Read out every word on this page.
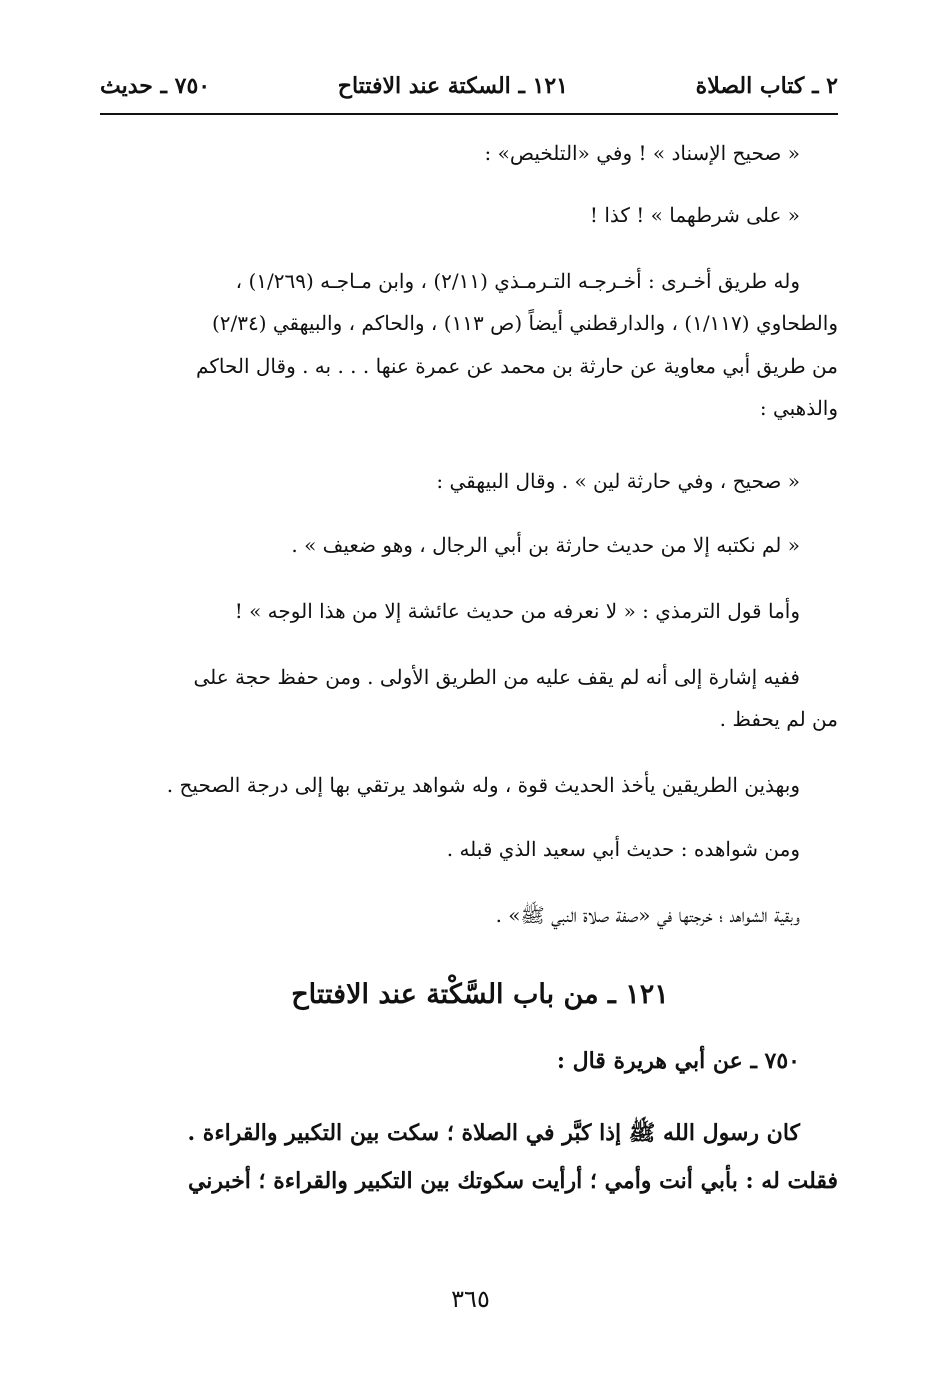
٢ ـ كتاب الصلاة
١٢١ ـ السكتة عند الافتتاح
٧٥٠ ـ حديث
« صحيح الإسناد » ! وفي «التلخيص» :
« على شرطهما » ! كذا !
وله طريق أخـرى : أخـرجـه التـرمـذي (٢/١١) ، وابن مـاجـه (١/٢٦٩) ،
والطحاوي (١/١١٧) ، والدارقطني أيضاً (ص ١١٣) ، والحاكم ، والبيهقي (٢/٣٤)
من طريق أبي معاوية عن حارثة بن محمد عن عمرة عنها . . . به . وقال الحاكم
والذهبي :
« صحيح ، وفي حارثة لين » . وقال البيهقي :
« لم نكتبه إلا من حديث حارثة بن أبي الرجال ، وهو ضعيف » .
وأما قول الترمذي : « لا نعرفه من حديث عائشة إلا من هذا الوجه » !
ففيه إشارة إلى أنه لم يقف عليه من الطريق الأولى . ومن حفظ حجة على
من لم يحفظ .
وبهذين الطريقين يأخذ الحديث قوة ، وله شواهد يرتقي بها إلى درجة الصحيح .
ومن شواهده : حديث أبي سعيد الذي قبله .
وبقية الشواهد ؛ خرجتها في «صفة صلاة النبي ﷺ» .
١٢١ ـ من باب السَّكْتة عند الافتتاح
٧٥٠ ـ عن أبي هريرة قال :
كان رسول الله ﷺ إذا كبَّر في الصلاة ؛ سكت بين التكبير والقراءة .
فقلت له : بأبي أنت وأمي ؛ أرأيت سكوتك بين التكبير والقراءة ؛ أخبرني
٣٦٥
